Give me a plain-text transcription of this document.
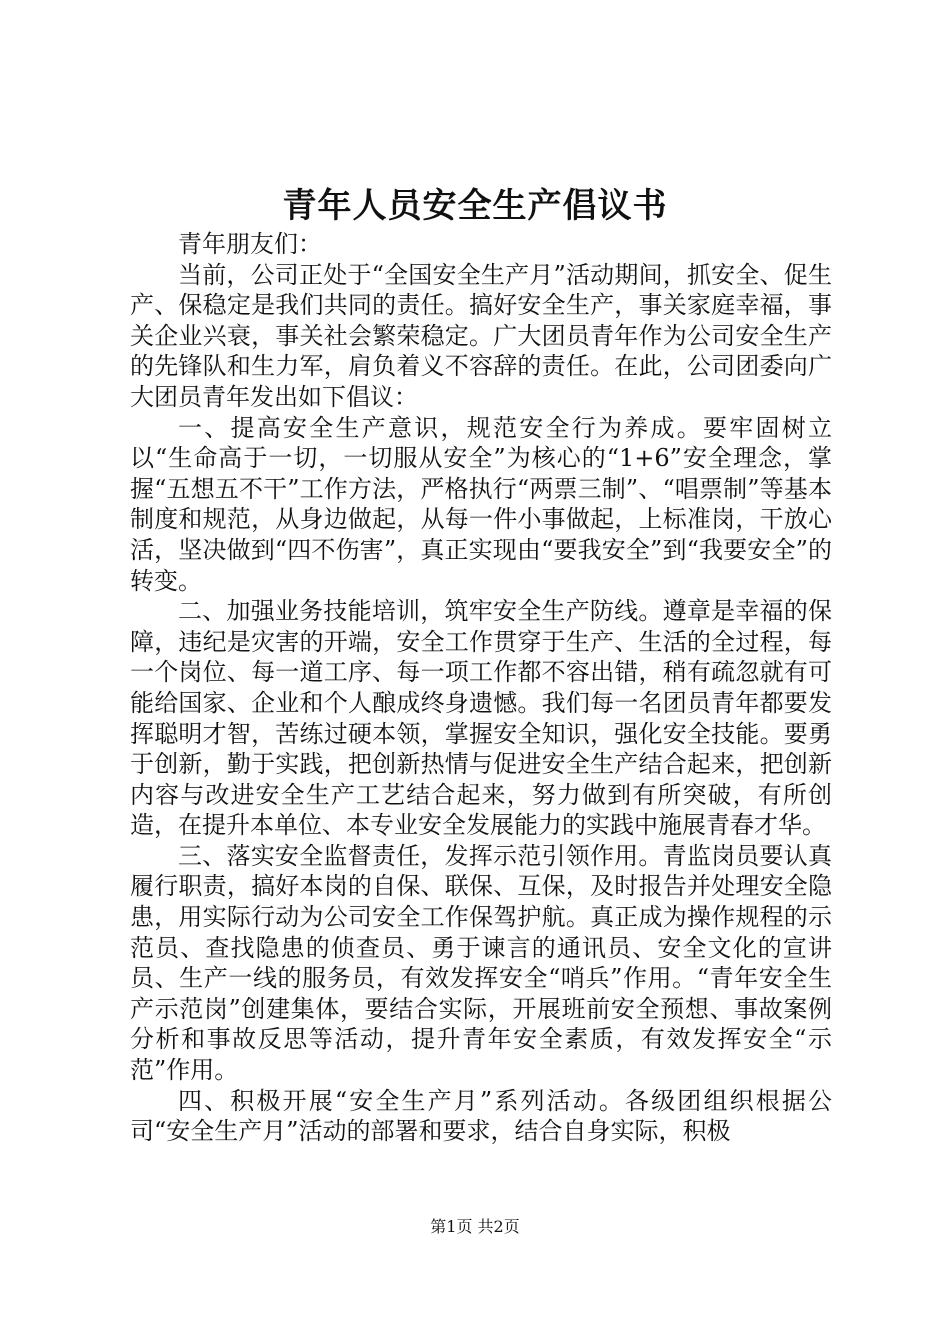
青年人员安全生产倡议书

青年朋友们：

当前，公司正处于“全国安全生产月”活动期间，抓安全、促生产、保稳定是我们共同的责任。搞好安全生产，事关家庭幸福，事关企业兴衰，事关社会繁荣稳定。广大团员青年作为公司安全生产的先锋队和生力军，肩负着义不容辞的责任。在此，公司团委向广大团员青年发出如下倡议：

一、提高安全生产意识，规范安全行为养成。要牢固树立以“生命高于一切，一切服从安全”为核心的“1+6”安全理念，掌握“五想五不干”工作方法，严格执行“两票三制”、“唱票制”等基本制度和规范，从身边做起，从每一件小事做起，上标准岗，干放心活，坚决做到“四不伤害”，真正实现由“要我安全”到“我要安全”的转变。

二、加强业务技能培训，筑牢安全生产防线。遵章是幸福的保障，违纪是灾害的开端，安全工作贯穿于生产、生活的全过程，每一个岗位、每一道工序、每一项工作都不容出错，稍有疏忽就有可能给国家、企业和个人酿成终身遗憾。我们每一名团员青年都要发挥聪明才智，苦练过硬本领，掌握安全知识，强化安全技能。要勇于创新，勤于实践，把创新热情与促进安全生产结合起来，把创新内容与改进安全生产工艺结合起来，努力做到有所突破，有所创造，在提升本单位、本专业安全发展能力的实践中施展青春才华。

三、落实安全监督责任，发挥示范引领作用。青监岗员要认真履行职责，搞好本岗的自保、联保、互保，及时报告并处理安全隐患，用实际行动为公司安全工作保驾护航。真正成为操作规程的示范员、查找隐患的侦查员、勇于谏言的通讯员、安全文化的宣讲员、生产一线的服务员，有效发挥安全“哨兵”作用。“青年安全生产示范岗”创建集体，要结合实际，开展班前安全预想、事故案例分析和事故反思等活动，提升青年安全素质，有效发挥安全“示范”作用。

四、积极开展“安全生产月”系列活动。各级团组织根据公司“安全生产月”活动的部署和要求，结合自身实际，积极

第1页 共2页
